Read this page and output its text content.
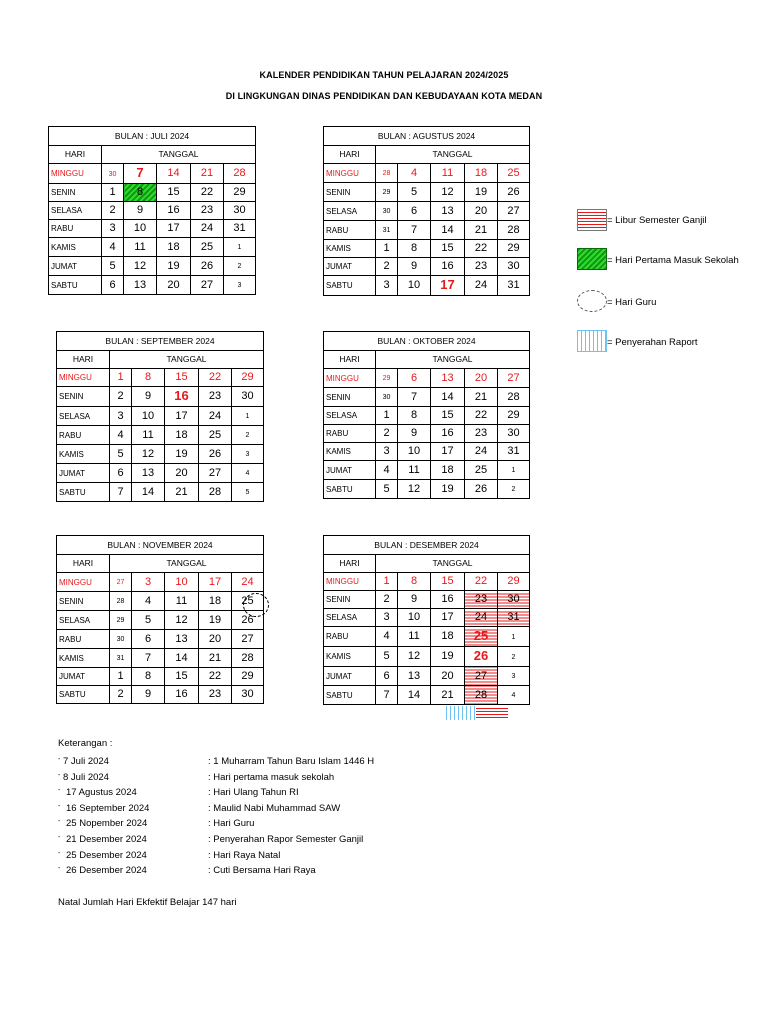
KALENDER PENDIDIKAN TAHUN PELAJARAN 2024/2025
DI LINGKUNGAN DINAS PENDIDIKAN DAN KEBUDAYAAN KOTA MEDAN
BULAN : JULI 2024					
HARI	TANGGAL				
MINGGU	30	7	14	21	28
SENIN	1	8	15	22	29
SELASA	2	9	16	23	30
RABU	3	10	17	24	31
KAMIS	4	11	18	25	1
JUMAT	5	12	19	26	2
SABTU	6	13	20	27	3
BULAN : AGUSTUS 2024					
HARI	TANGGAL				
MINGGU	28	4	11	18	25
SENIN	29	5	12	19	26
SELASA	30	6	13	20	27
RABU	31	7	14	21	28
KAMIS	1	8	15	22	29
JUMAT	2	9	16	23	30
SABTU	3	10	17	24	31
BULAN : SEPTEMBER 2024					
HARI	TANGGAL				
MINGGU	1	8	15	22	29
SENIN	2	9	16	23	30
SELASA	3	10	17	24	1
RABU	4	11	18	25	2
KAMIS	5	12	19	26	3
JUMAT	6	13	20	27	4
SABTU	7	14	21	28	5
BULAN : OKTOBER 2024					
HARI	TANGGAL				
MINGGU	29	6	13	20	27
SENIN	30	7	14	21	28
SELASA	1	8	15	22	29
RABU	2	9	16	23	30
KAMIS	3	10	17	24	31
JUMAT	4	11	18	25	1
SABTU	5	12	19	26	2
BULAN : NOVEMBER 2024					
HARI	TANGGAL				
MINGGU	27	3	10	17	24
SENIN	28	4	11	18	25
SELASA	29	5	12	19	26
RABU	30	6	13	20	27
KAMIS	31	7	14	21	28
JUMAT	1	8	15	22	29
SABTU	2	9	16	23	30
BULAN : DESEMBER 2024					
HARI	TANGGAL				
MINGGU	1	8	15	22	29
SENIN	2	9	16	23	30
SELASA	3	10	17	24	31
RABU	4	11	18	25	1
KAMIS	5	12	19	26	2
JUMAT	6	13	20	27	3
SABTU	7	14	21	28	4
= Libur Semester Ganjil
= Hari Pertama Masuk Sekolah
= Hari Guru
= Penyerahan Raport
Keterangan :
- 7 Juli 2024	: 1 Muharram Tahun Baru Islam 1446 H
- 8 Juli 2024	: Hari pertama masuk sekolah
- 17 Agustus 2024	: Hari Ulang Tahun RI
- 16 September 2024	: Maulid Nabi Muhammad SAW
- 25 Nopember 2024	: Hari Guru
- 21 Desember 2024	: Penyerahan Rapor Semester Ganjil
- 25 Desember 2024	: Hari Raya Natal
- 26 Desember 2024	: Cuti Bersama Hari Raya
Natal Jumlah Hari Ekfektif Belajar 147 hari
